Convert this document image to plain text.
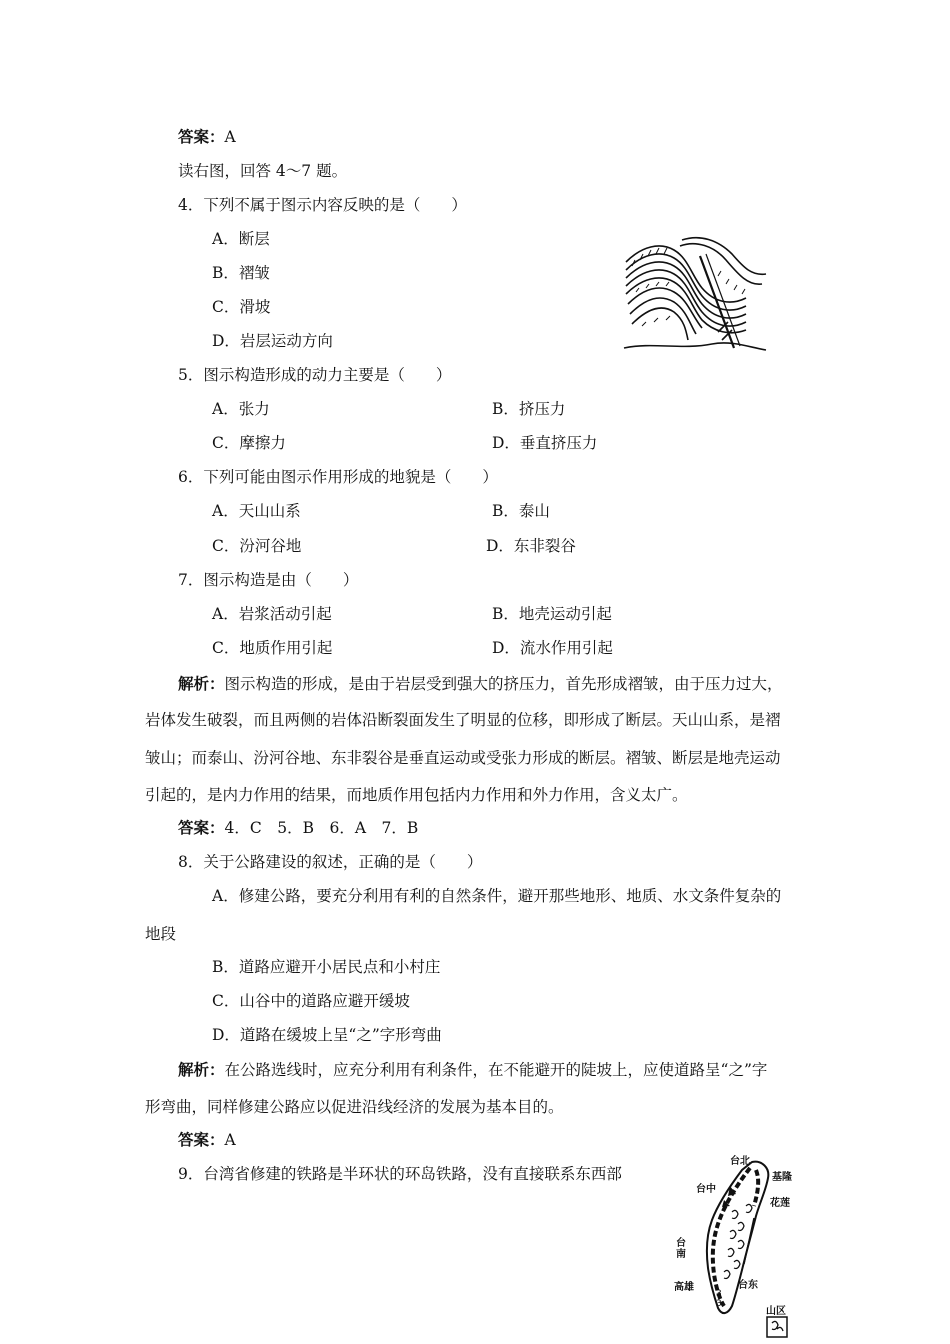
答案：A
读右图，回答 4～7 题。
4．下列不属于图示内容反映的是（　　）
A．断层
B．褶皱
C．滑坡
D．岩层运动方向
5．图示构造形成的动力主要是（　　）
A．张力	B．挤压力
C．摩擦力	D．垂直挤压力
6．下列可能由图示作用形成的地貌是（　　）
A．天山山系	B．泰山
C．汾河谷地	D．东非裂谷
7．图示构造是由（　　）
A．岩浆活动引起	B．地壳运动引起
C．地质作用引起	D．流水作用引起
解析：图示构造的形成，是由于岩层受到强大的挤压力，首先形成褶皱，由于压力过大，
岩体发生破裂，而且两侧的岩体沿断裂面发生了明显的位移，即形成了断层。天山山系，是褶
皱山；而泰山、汾河谷地、东非裂谷是垂直运动或受张力形成的断层。褶皱、断层是地壳运动
引起的，是内力作用的结果，而地质作用包括内力作用和外力作用，含义太广。
答案：4．C　5．B　6．A　7．B
8．关于公路建设的叙述，正确的是（　　）
A．修建公路，要充分利用有利的自然条件，避开那些地形、地质、水文条件复杂的
地段
B．道路应避开小居民点和小村庄
C．山谷中的道路应避开缓坡
D．道路在缓坡上呈“之”字形弯曲
解析：在公路选线时，应充分利用有利条件，在不能避开的陡坡上，应使道路呈“之”字
形弯曲，同样修建公路应以促进沿线经济的发展为基本目的。
答案：A
9．台湾省修建的铁路是半环状的环岛铁路，没有直接联系东西部
3
3
台北
基隆
台中
花莲
台南
高雄	台东
山区
